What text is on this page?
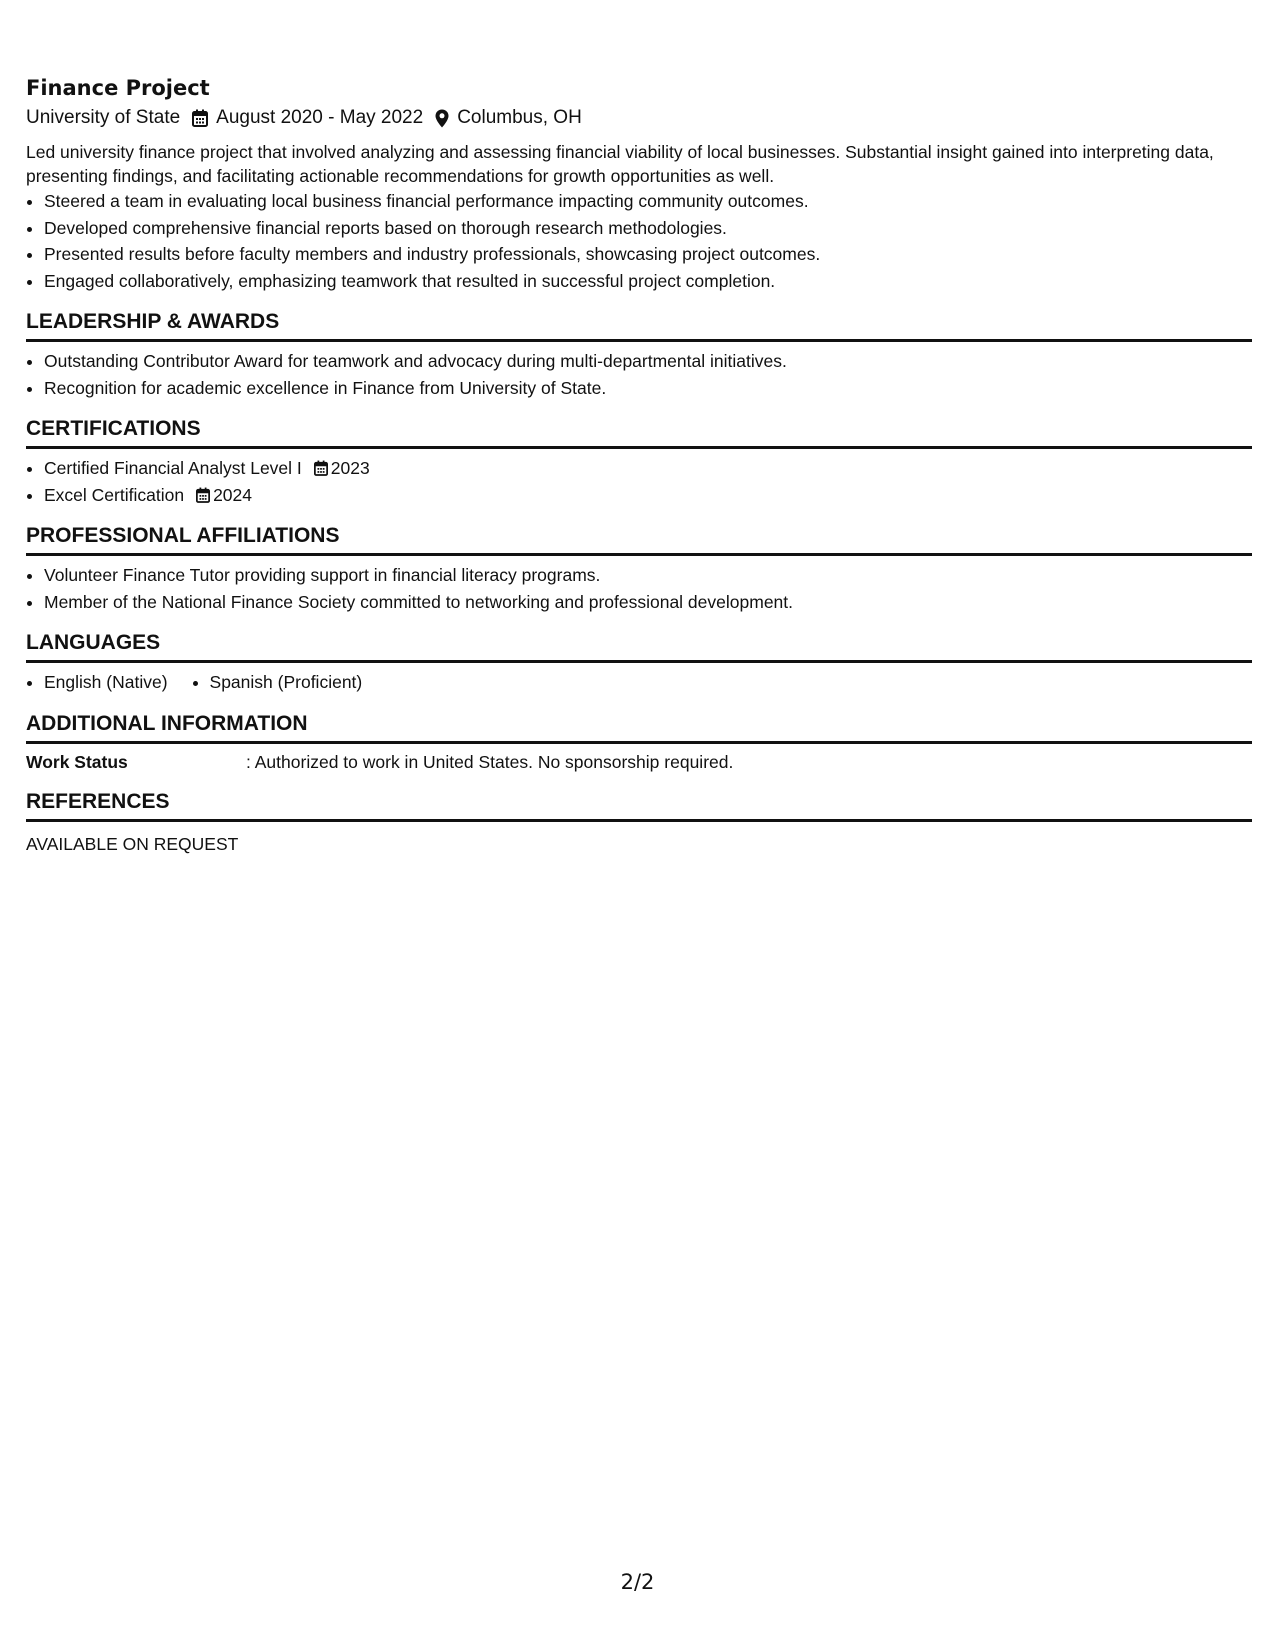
Finance Project
University of State August 2020 - May 2022 Columbus, OH
Led university finance project that involved analyzing and assessing financial viability of local businesses. Substantial insight gained into interpreting data, presenting findings, and facilitating actionable recommendations for growth opportunities as well.
• Steered a team in evaluating local business financial performance impacting community outcomes.
• Developed comprehensive financial reports based on thorough research methodologies.
• Presented results before faculty members and industry professionals, showcasing project outcomes.
• Engaged collaboratively, emphasizing teamwork that resulted in successful project completion.
LEADERSHIP & AWARDS
• Outstanding Contributor Award for teamwork and advocacy during multi-departmental initiatives.
• Recognition for academic excellence in Finance from University of State.
CERTIFICATIONS
• Certified Financial Analyst Level I 2023
• Excel Certification 2024
PROFESSIONAL AFFILIATIONS
• Volunteer Finance Tutor providing support in financial literacy programs.
• Member of the National Finance Society committed to networking and professional development.
LANGUAGES
• English (Native)
• Spanish (Proficient)
ADDITIONAL INFORMATION
Work Status	: Authorized to work in United States. No sponsorship required.
REFERENCES
AVAILABLE ON REQUEST
2/2
